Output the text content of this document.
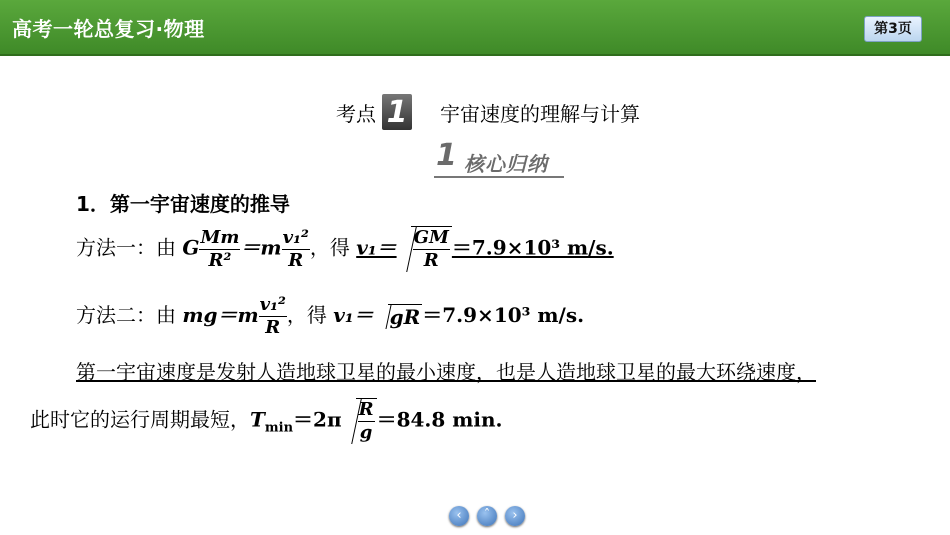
高考一轮总复习·物理	第3页
考点 1 宇宙速度的理解与计算
1 核心归纳
1．第一宇宙速度的推导
方法一：由 G $\frac{Mm}{\text{R²}} =m \frac{\text{v₁²}}{R}$ ，得 $v_1= \frac{GM}{R} =7.9\times 10^3$ m/s.
方法二：由 $mg=m \frac{\text{v₁²}}{R}$ ，得 v₁＝ gR ＝7.9×10³ m/s.
第一宇宙速度是发射人造地球卫星的最小速度，也是人造地球卫星的最大环绕速度，
此时它的运行周期最短，$T_{min}=2\pi \frac{R}{g} =84.8$ min.
‹	ˆ	›
